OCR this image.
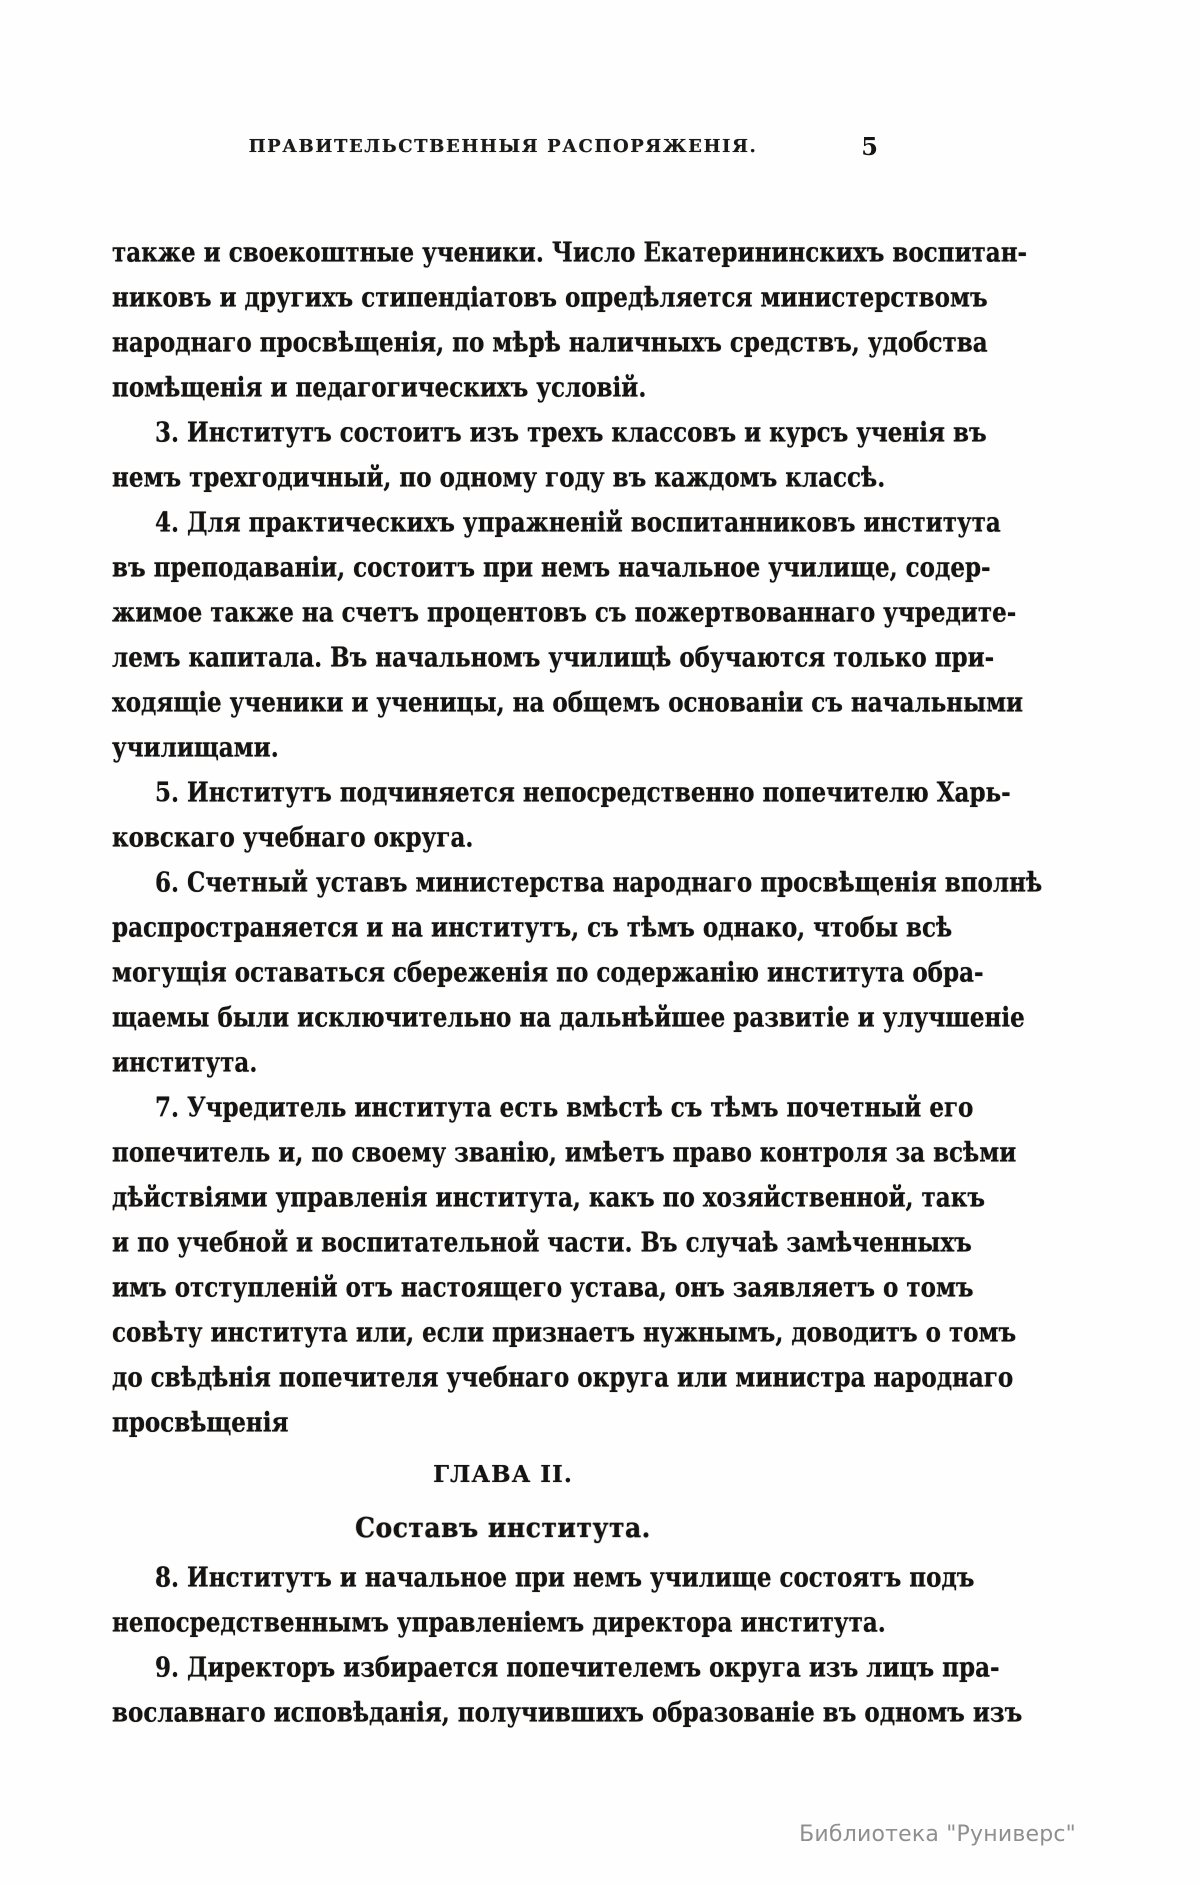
ПРАВИТЕЛЬСТВЕННЫЯ РАСПОРЯЖЕНІЯ.	5
также и своекоштные ученики. Число Екатерининскихъ воспитан-
никовъ и другихъ стипендіатовъ опредѣляется министерствомъ
народнаго просвѣщенія, по мѣрѣ наличныхъ средствъ, удобства
помѣщенія и педагогическихъ условій.
3. Институтъ состоитъ изъ трехъ классовъ и курсъ ученія въ
немъ трехгодичный, по одному году въ каждомъ классѣ.
4. Для практическихъ упражненій воспитанниковъ института
въ преподаваніи, состоитъ при немъ начальное училище, содер-
жимое также на счетъ процентовъ съ пожертвованнаго учредите-
лемъ капитала. Въ начальномъ училищѣ обучаются только при-
ходящіе ученики и ученицы, на общемъ основаніи съ начальными
училищами.
5. Институтъ подчиняется непосредственно попечителю Харь-
ковскаго учебнаго округа.
6. Счетный уставъ министерства народнаго просвѣщенія вполнѣ
распространяется и на институтъ, съ тѣмъ однако, чтобы всѣ
могущія оставаться сбереженія по содержанію института обра-
щаемы были исключительно на дальнѣйшее развитіе и улучшеніе
института.
7. Учредитель института есть вмѣстѣ съ тѣмъ почетный его
попечитель и, по своему званію, имѣетъ право контроля за всѣми
дѣйствіями управленія института, какъ по хозяйственной, такъ
и по учебной и воспитательной части. Въ случаѣ замѣченныхъ
имъ отступленій отъ настоящего устава, онъ заявляетъ о томъ
совѣту института или, если признаетъ нужнымъ, доводитъ о томъ
до свѣдѣнія попечителя учебнаго округа или министра народнаго
просвѣщенія
ГЛАВА II.
Составъ института.
8. Институтъ и начальное при немъ училище состоятъ подъ
непосредственнымъ управленіемъ директора института.
9. Директоръ избирается попечителемъ округа изъ лицъ пра-
вославнаго исповѣданія, получившихъ образованіе въ одномъ изъ
Библиотека "Руниверс"
